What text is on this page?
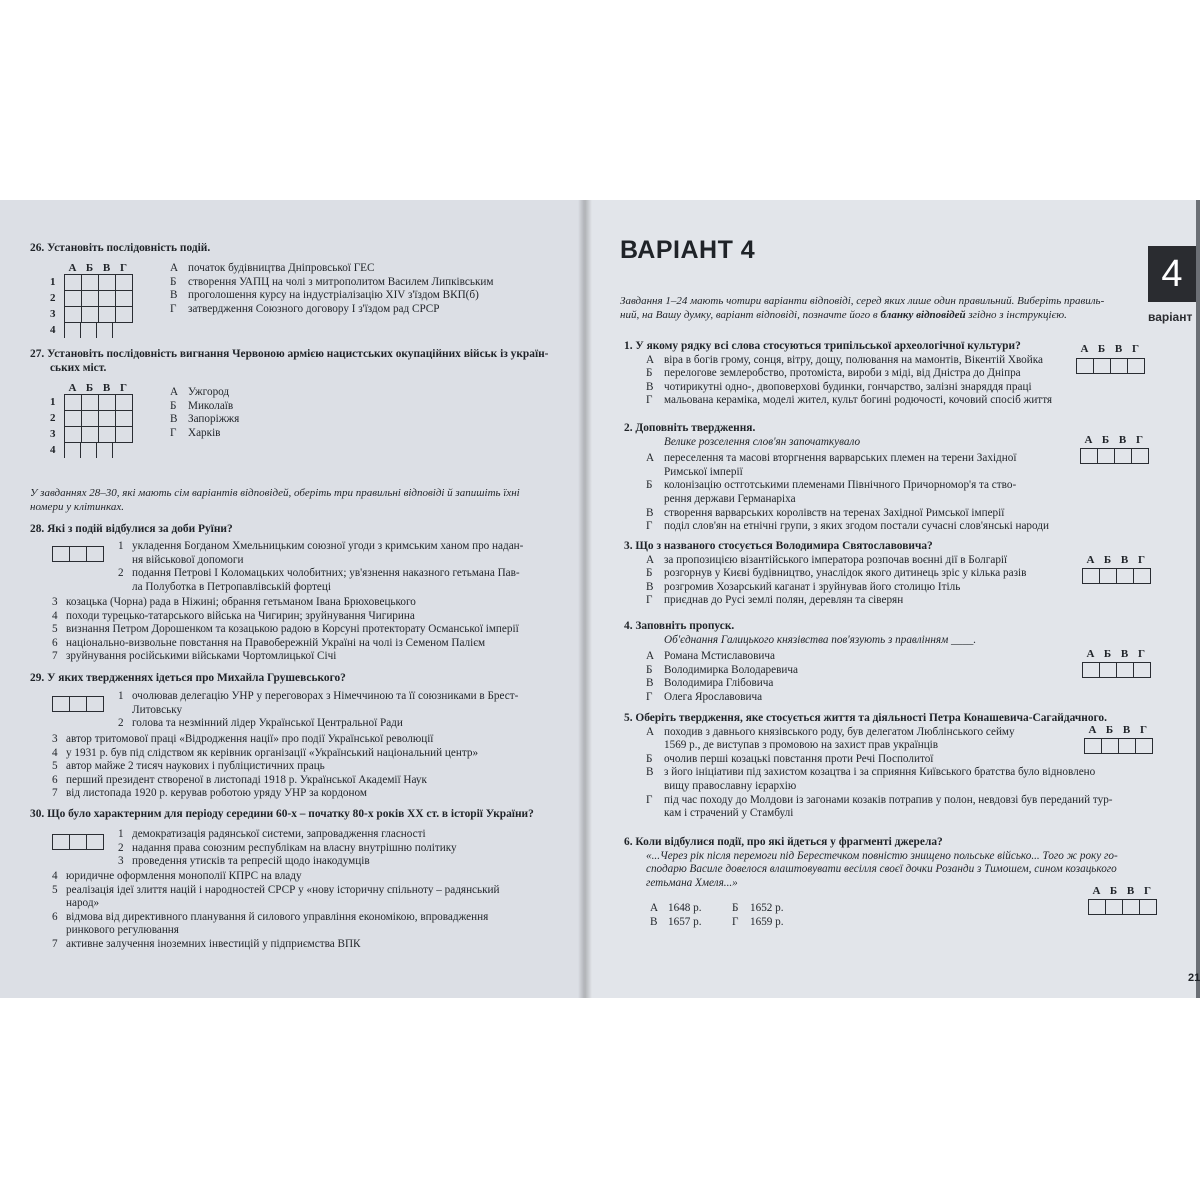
26. Установіть послідовність подій.
А Б В Г
1
2
3
4
А початок будівництва Дніпровської ГЕС
Б	створення УАПЦ на чолі з митрополитом Василем Липківським
В проголошення курсу на індустріалізацію XIV з'їздом ВКП(б)
Г	затвердження Союзного договору І з'їздом рад СРСР
27. Установіть послідовність вигнання Червоною армією нацистських окупаційних військ із україн-
ських міст.
А Б В Г
1
2
3
4
А Ужгород
Б	Миколаїв
В Запоріжжя
Г	Харків
У завданнях 28–30, які мають сім варіантів відповідей, оберіть три правильні відповіді й запишіть їхні
номери у клітинках.
28. Які з подій відбулися за доби Руїни?
1 укладення Богданом Хмельницьким союзної угоди з кримським ханом про надан-
ня військової допомоги
2 подання Петрові І Коломацьких чолобитних; ув'язнення наказного гетьмана Пав-
ла Полуботка в Петропавлівській фортеці
3 козацька (Чорна) рада в Ніжині; обрання гетьманом Івана Брюховецького
4 походи турецько-татарського війська на Чигирин; зруйнування Чигирина
5 визнання Петром Дорошенком та козацькою радою в Корсуні протекторату Османської імперії
6 національно-визвольне повстання на Правобережній Україні на чолі із Семеном Палієм
7 зруйнування російськими військами Чортомлицької Січі
29. У яких твердженнях ідеться про Михайла Грушевського?
1 очолював делегацію УНР у переговорах з Німеччиною та її союзниками в Брест-
Литовську
2 голова та незмінний лідер Української Центральної Ради
3 автор тритомової праці «Відродження нації» про події Української революції
4 у 1931 р. був під слідством як керівник організації «Український національний центр»
5 автор майже 2 тисяч наукових і публіцистичних праць
6 перший президент створеної в листопаді 1918 р. Української Академії Наук
7 від листопада 1920 р. керував роботою уряду УНР за кордоном
30. Що було характерним для періоду середини 60-х – початку 80-х років XX ст. в історії України?
1 демократизація радянської системи, запровадження гласності
2 надання права союзним республікам на власну внутрішню політику
3 проведення утисків та репресій щодо інакодумців
4 юридичне оформлення монополії КПРС на владу
5 реалізація ідеї злиття націй і народностей СРСР у «нову історичну спільноту – радянський
народ»
6 відмова від директивного планування й силового управління економікою, впровадження
ринкового регулювання
7 активне залучення іноземних інвестицій у підприємства ВПК
ВАРІАНТ 4
4
варіант
Завдання 1–24 мають чотири варіанти відповіді, серед яких лише один правильний. Виберіть правиль-
ний, на Вашу думку, варіант відповіді, позначте його в бланку відповідей згідно з інструкцією.
1. У якому рядку всі слова стосуються трипільської археологічної культури?
А віра в богів грому, сонця, вітру, дощу, полювання на мамонтів, Вікентій Хвойка
Б	перелогове землеробство, протоміста, вироби з міді, від Дністра до Дніпра
В чотирикутні одно-, двоповерхові будинки, гончарство, залізні знаряддя праці
Г	мальована кераміка, моделі жител, культ богині родючості, кочовий спосіб життя
А Б В Г
2. Доповніть твердження.
Велике розселення слов'ян започаткувало
А переселення та масові вторгнення варварських племен на терени Західної
Римської імперії
Б	колонізацію остготськими племенами Північного Причорномор'я та ство-
рення держави Германаріха
В створення варварських королівств на теренах Західної Римської імперії
Г	поділ слов'ян на етнічні групи, з яких згодом постали сучасні слов'янські народи
А Б В Г
3. Що з названого стосується Володимира Святославовича?
А за пропозицією візантійського імператора розпочав воєнні дії в Болгарії
Б	розгорнув у Києві будівництво, унаслідок якого дитинець зріс у кілька разів
В розгромив Хозарський каганат і зруйнував його столицю Ітіль
Г	приєднав до Русі землі полян, деревлян та сіверян
А Б В Г
4. Заповніть пропуск.
Об'єднання Галицького князівства пов'язують з правлінням ____.
А Романа Мстиславовича
Б	Володимирка Володаревича
В Володимира Глібовича
Г	Олега Ярославовича
А Б В Г
5. Оберіть твердження, яке стосується життя та діяльності Петра Конашевича-Сагайдачного.
А походив з давнього князівського роду, був делегатом Люблінського сейму
1569 р., де виступав з промовою на захист прав українців
Б	очолив перші козацькі повстання проти Речі Посполитої
В з його ініціативи під захистом козацтва і за сприяння Київського братства було відновлено
вищу православну ієрархію
Г	під час походу до Молдови із загонами козаків потрапив у полон, невдовзі був переданий тур-
кам і страчений у Стамбулі
А Б В Г
6. Коли відбулися події, про які йдеться у фрагменті джерела?
«...Через рік після перемоги під Берестечком повністю знищено польське військо... Того ж року го-
сподарю Василе довелося влаштовувати весілля своєї дочки Розанди з Тимошем, сином козацького
гетьмана Хмеля...»
А 1648 р.	Б	1652 р.
В 1657 р.	Г	1659 р.
А Б В Г
21
